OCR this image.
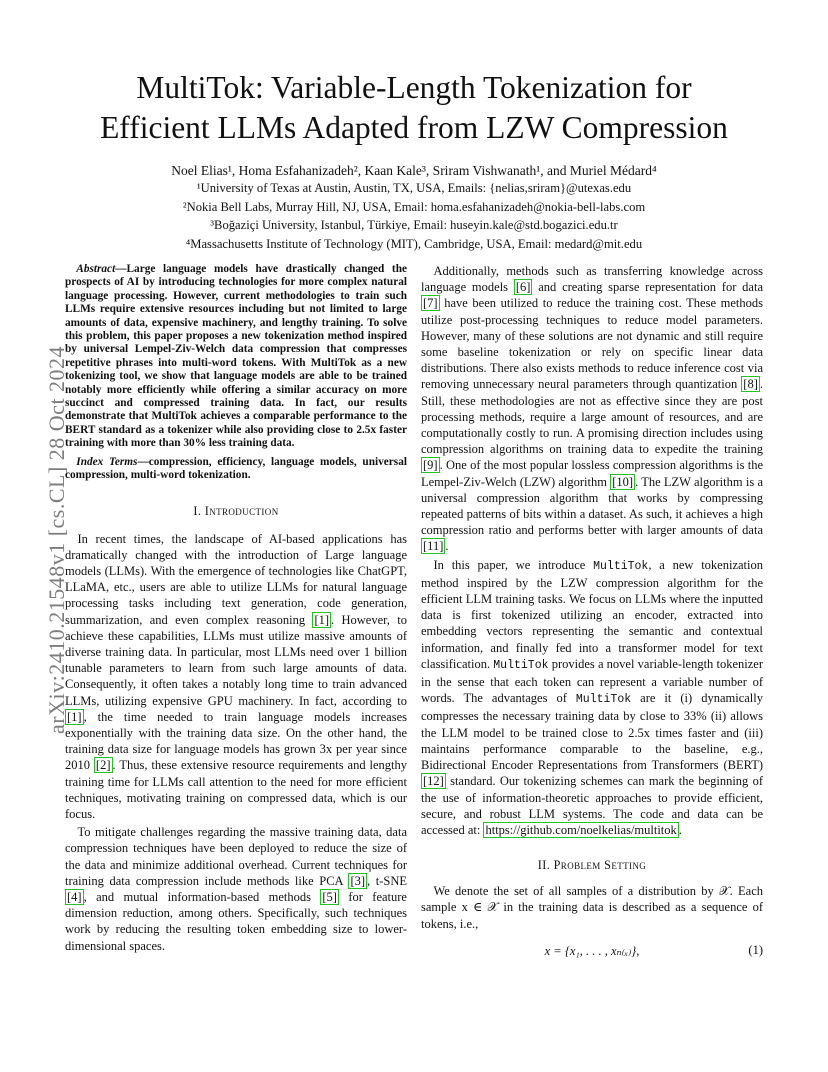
MultiTok: Variable-Length Tokenization for
Efficient LLMs Adapted from LZW Compression
Noel Elias¹, Homa Esfahanizadeh², Kaan Kale³, Sriram Vishwanath¹, and Muriel Médard⁴
¹University of Texas at Austin, Austin, TX, USA, Emails: {nelias,sriram}@utexas.edu
²Nokia Bell Labs, Murray Hill, NJ, USA, Email: homa.esfahanizadeh@nokia-bell-labs.com
³Boğaziçi University, Istanbul, Türkiye, Email: huseyin.kale@std.bogazici.edu.tr
⁴Massachusetts Institute of Technology (MIT), Cambridge, USA, Email: medard@mit.edu
arXiv:2410.21548v1 [cs.CL] 28 Oct 2024

Abstract—Large language models have drastically changed the prospects of AI by introducing technologies for more complex natural language processing. However, current methodologies to train such LLMs require extensive resources including but not limited to large amounts of data, expensive machinery, and lengthy training. To solve this problem, this paper proposes a new tokenization method inspired by universal Lempel-Ziv-Welch data compression that compresses repetitive phrases into multi-word tokens. With MultiTok as a new tokenizing tool, we show that language models are able to be trained notably more efficiently while offering a similar accuracy on more succinct and compressed training data. In fact, our results demonstrate that MultiTok achieves a comparable performance to the BERT standard as a tokenizer while also providing close to 2.5x faster training with more than 30% less training data.

Index Terms—compression, efficiency, language models, universal compression, multi-word tokenization.

I. Introduction

In recent times, the landscape of AI-based applications has dramatically changed with the introduction of Large language models (LLMs). With the emergence of technologies like ChatGPT, LLaMA, etc., users are able to utilize LLMs for natural language processing tasks including text generation, code generation, summarization, and even complex reasoning [1] . However, to achieve these capabilities, LLMs must utilize massive amounts of diverse training data. In particular, most LLMs need over 1 billion tunable parameters to learn from such large amounts of data. Consequently, it often takes a notably long time to train advanced LLMs, utilizing expensive GPU machinery. In fact, according to [1] , the time needed to train language models increases exponentially with the training data size. On the other hand, the training data size for language models has grown 3x per year since 2010 [2] . Thus, these extensive resource requirements and lengthy training time for LLMs call attention to the need for more efficient techniques, motivating training on compressed data, which is our focus.

To mitigate challenges regarding the massive training data, data compression techniques have been deployed to reduce the size of the data and minimize additional overhead. Current techniques for training data compression include methods like PCA [3] , t-SNE [4] , and mutual information-based methods [5] for feature dimension reduction, among others. Specifically, such techniques work by reducing the resulting token embedding size to lower-dimensional spaces.

Additionally, methods such as transferring knowledge across language models [6] and creating sparse representation for data [7] have been utilized to reduce the training cost. These methods utilize post-processing techniques to reduce model parameters. However, many of these solutions are not dynamic and still require some baseline tokenization or rely on specific linear data distributions. There also exists methods to reduce inference cost via removing unnecessary neural parameters through quantization [8] . Still, these methodologies are not as effective since they are post processing methods, require a large amount of resources, and are computationally costly to run. A promising direction includes using compression algorithms on training data to expedite the training [9] . One of the most popular lossless compression algorithms is the Lempel-Ziv-Welch (LZW) algorithm [10] . The LZW algorithm is a universal compression algorithm that works by compressing repeated patterns of bits within a dataset. As such, it achieves a high compression ratio and performs better with larger amounts of data [11] .

In this paper, we introduce MultiTok, a new tokenization method inspired by the LZW compression algorithm for the efficient LLM training tasks. We focus on LLMs where the inputted data is first tokenized utilizing an encoder, extracted into embedding vectors representing the semantic and contextual information, and finally fed into a transformer model for text classification. MultiTok provides a novel variable-length tokenizer in the sense that each token can represent a variable number of words. The advantages of MultiTok are it (i) dynamically compresses the necessary training data by close to 33% (ii) allows the LLM model to be trained close to 2.5x times faster and (iii) maintains performance comparable to the baseline, e.g., Bidirectional Encoder Representations from Transformers (BERT) [12] standard. Our tokenizing schemes can mark the beginning of the use of information-theoretic approaches to provide efficient, secure, and robust LLM systems. The code and data can be accessed at: https://github.com/noelkelias/multitok .

II. Problem Setting

We denote the set of all samples of a distribution by 𝒳. Each sample x ∈ 𝒳 in the training data is described as a sequence of tokens, i.e.,

x = {x₁, . . . , xₙ₍ₓ₎},	(1)
